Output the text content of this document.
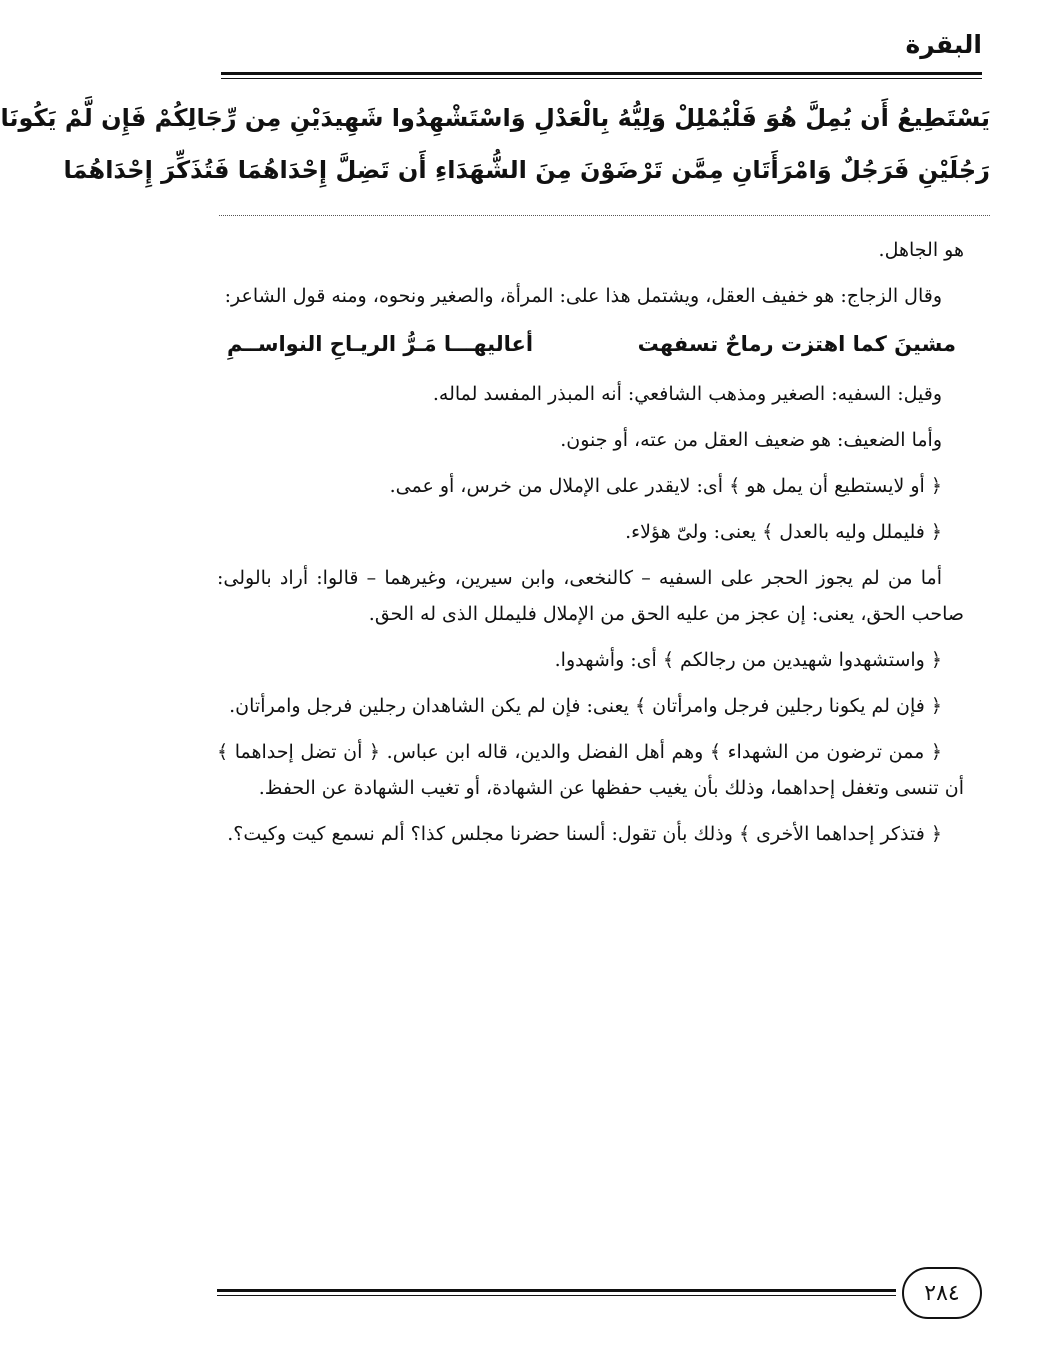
البقرة
يَسْتَطِيعُ أَن يُمِلَّ هُوَ فَلْيُمْلِلْ وَلِيُّهُ بِالْعَدْلِ وَاسْتَشْهِدُوا شَهِيدَيْنِ مِن رِّجَالِكُمْ فَإِن لَّمْ يَكُونَا
رَجُلَيْنِ فَرَجُلٌ وَامْرَأَتَانِ مِمَّن تَرْضَوْنَ مِنَ الشُّهَدَاءِ أَن تَضِلَّ إِحْدَاهُمَا فَتُذَكِّرَ إِحْدَاهُمَا

هو الجاهل.

وقال الزجاج: هو خفيف العقل، ويشتمل هذا على: المرأة، والصغير ونحوه، ومنه قول الشاعر:

مشينَ كما اهتزت رماحٌ تسفهت
أعاليهـــا مَـرُّ الريـاحِ النواســمِ

وقيل: السفيه: الصغير ومذهب الشافعي: أنه المبذر المفسد لماله.

وأما الضعيف: هو ضعيف العقل من عته، أو جنون.

﴿ أو لايستطيع أن يمل هو ﴾ أى: لايقدر على الإملال من خرس، أو عمى.

﴿ فليملل وليه بالعدل ﴾ يعنى: ولىّ هؤلاء.

أما من لم يجوز الحجر على السفيه – كالنخعى، وابن سيرين، وغيرهما – قالوا: أراد بالولى: صاحب الحق، يعنى: إن عجز من عليه الحق من الإملال فليملل الذى له الحق.

﴿ واستشهدوا شهيدين من رجالكم ﴾ أى: وأشهدوا.

﴿ فإن لم يكونا رجلين فرجل وامرأتان ﴾ يعنى: فإن لم يكن الشاهدان رجلين فرجل وامرأتان.

﴿ ممن ترضون من الشهداء ﴾ وهم أهل الفضل والدين، قاله ابن عباس. ﴿ أن تضل إحداهما ﴾ أن تنسى وتغفل إحداهما، وذلك بأن يغيب حفظها عن الشهادة، أو تغيب الشهادة عن الحفظ.

﴿ فتذكر إحداهما الأخرى ﴾ وذلك بأن تقول: ألسنا حضرنا مجلس كذا؟ ألم نسمع كيت وكيت؟.

٢٨٤
